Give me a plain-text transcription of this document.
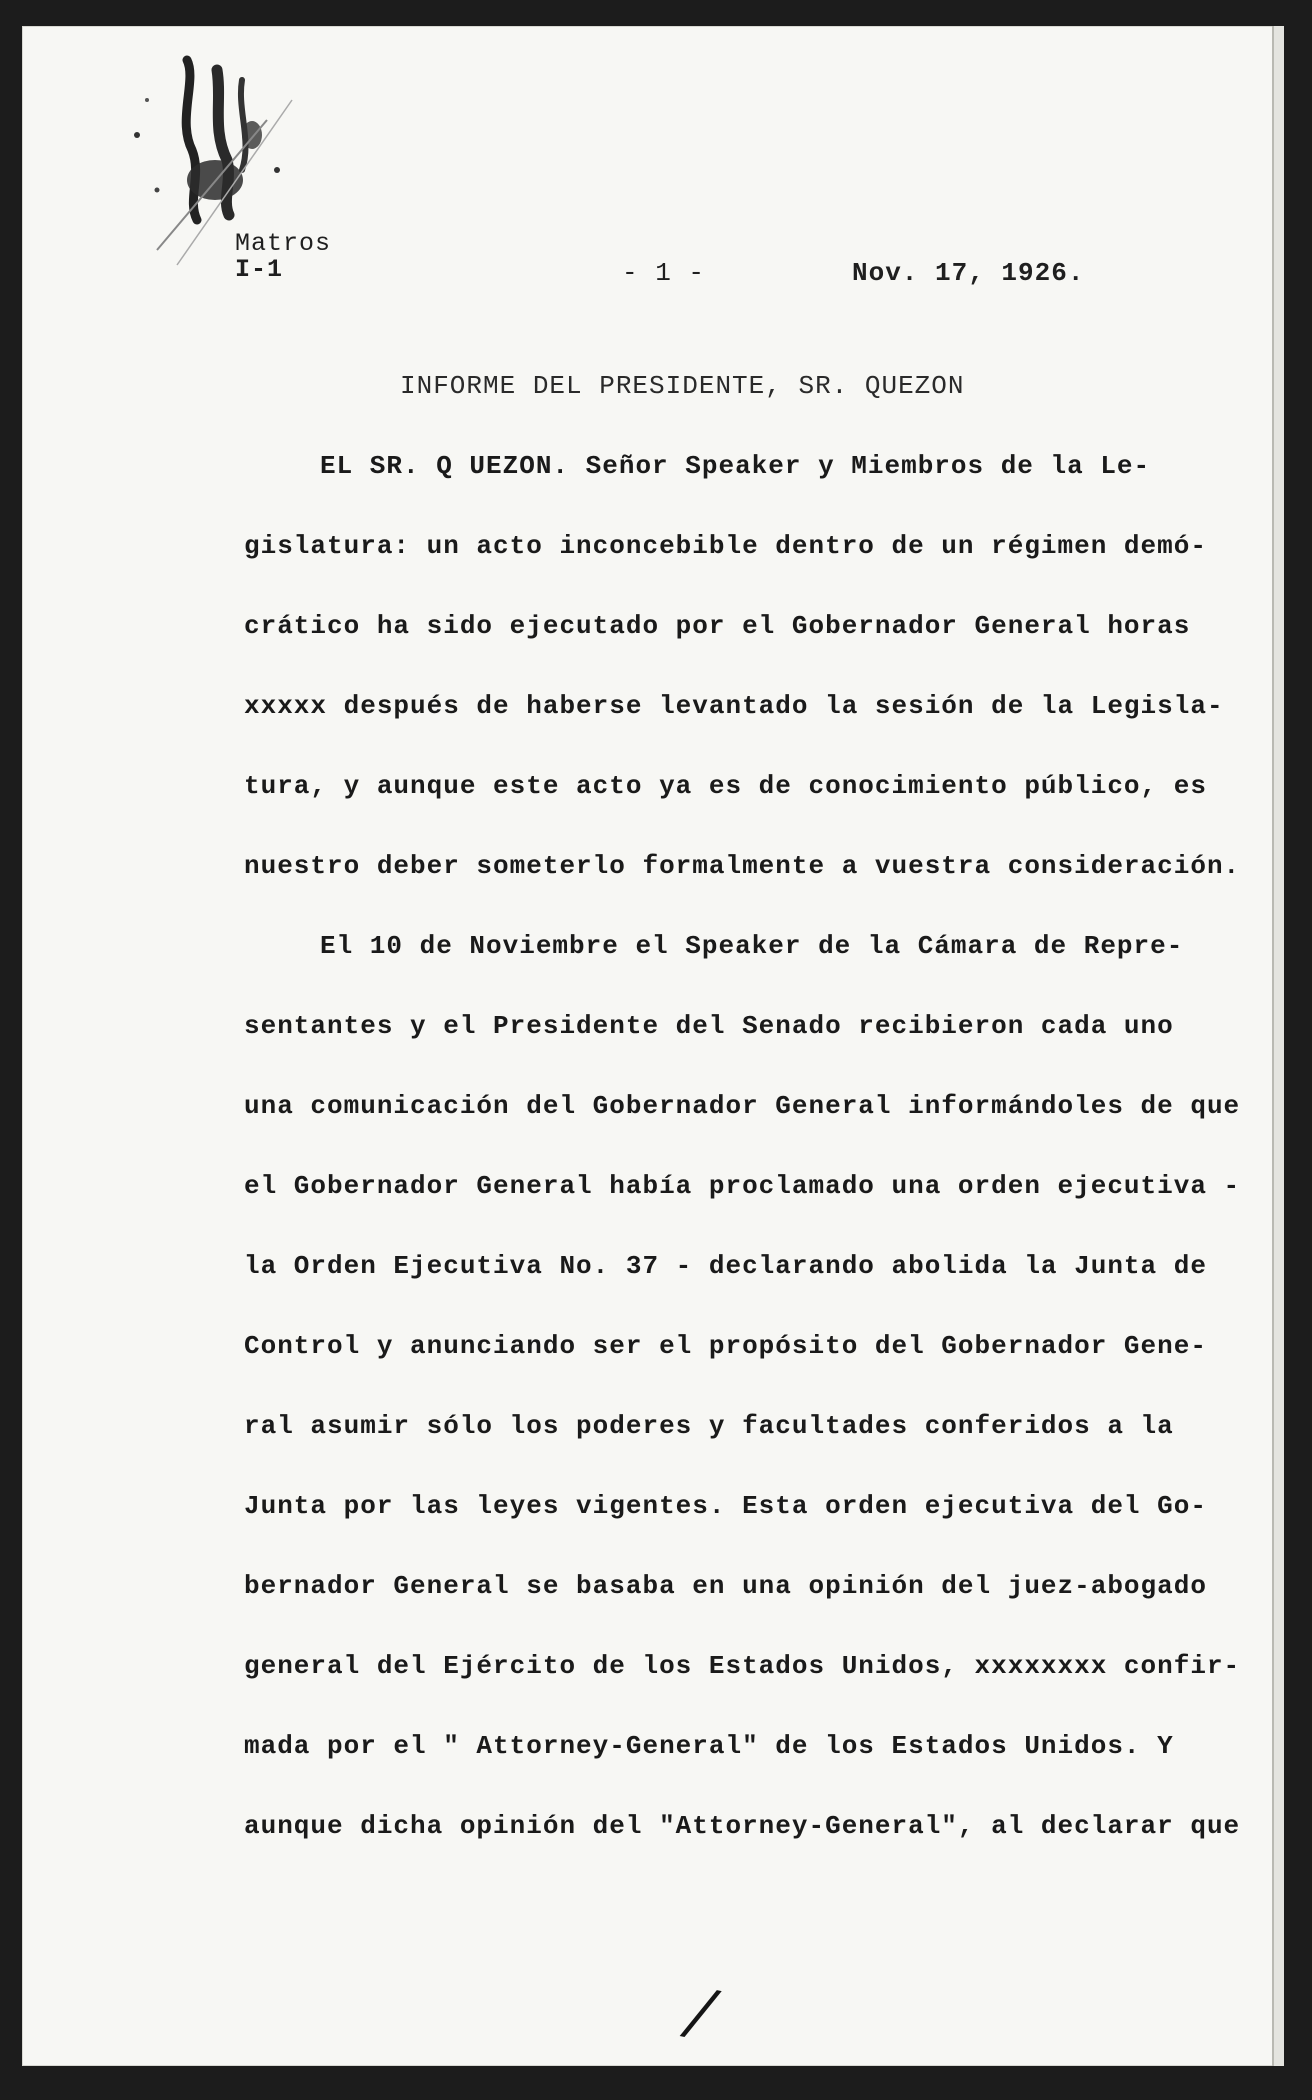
Matros
I-1	- 1 -	Nov. 17, 1926.
INFORME DEL PRESIDENTE, SR. QUEZON
EL SR. Q UEZON. Señor Speaker y Miembros de la Le-
gislatura: un acto inconcebible dentro de un régimen demó-
crático ha sido ejecutado por el Gobernador General horas
xxxxx después de haberse levantado la sesión de la Legisla-
tura, y aunque este acto ya es de conocimiento público, es
nuestro deber someterlo formalmente a vuestra consideración.
El 10 de Noviembre el Speaker de la Cámara de Repre-
sentantes y el Presidente del Senado recibieron cada uno
una comunicación del Gobernador General informándoles de que
el Gobernador General había proclamado una orden ejecutiva -
la Orden Ejecutiva No. 37 - declarando abolida la Junta de
Control y anunciando ser el propósito del Gobernador Gene-
ral asumir sólo los poderes y facultades conferidos a la
Junta por las leyes vigentes. Esta orden ejecutiva del Go-
bernador General se basaba en una opinión del juez-abogado
general del Ejército de los Estados Unidos, xxxxxxxx confir-
mada por el " Attorney-General" de los Estados Unidos. Y
aunque dicha opinión del "Attorney-General", al declarar que
/
